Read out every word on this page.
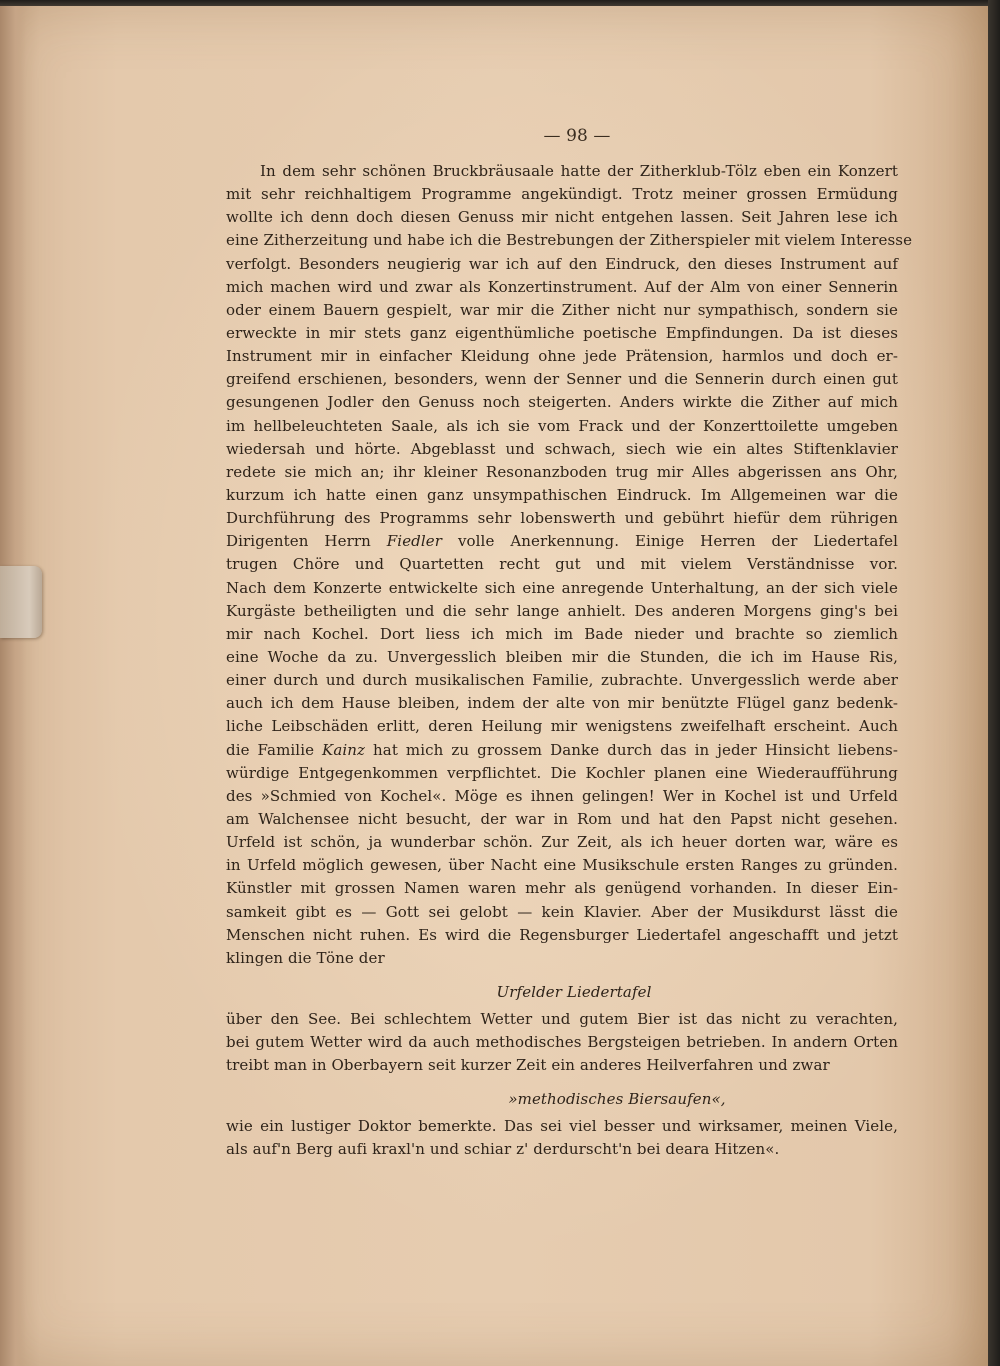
— 98 —
In dem sehr schönen Bruckbräusaale hatte der Zitherklub-Tölz eben ein Konzert
mit sehr reichhaltigem Programme angekündigt. Trotz meiner grossen Ermüdung
wollte ich denn doch diesen Genuss mir nicht entgehen lassen. Seit Jahren lese ich
eine Zitherzeitung und habe ich die Bestrebungen der Zitherspieler mit vielem Interesse
verfolgt. Besonders neugierig war ich auf den Eindruck, den dieses Instrument auf
mich machen wird und zwar als Konzertinstrument. Auf der Alm von einer Sennerin
oder einem Bauern gespielt, war mir die Zither nicht nur sympathisch, sondern sie
erweckte in mir stets ganz eigenthümliche poetische Empfindungen. Da ist dieses
Instrument mir in einfacher Kleidung ohne jede Prätension, harmlos und doch er-
greifend erschienen, besonders, wenn der Senner und die Sennerin durch einen gut
gesungenen Jodler den Genuss noch steigerten. Anders wirkte die Zither auf mich
im hellbeleuchteten Saale, als ich sie vom Frack und der Konzerttoilette umgeben
wiedersah und hörte. Abgeblasst und schwach, siech wie ein altes Stiftenklavier
redete sie mich an; ihr kleiner Resonanzboden trug mir Alles abgerissen ans Ohr,
kurzum ich hatte einen ganz unsympathischen Eindruck. Im Allgemeinen war die
Durchführung des Programms sehr lobenswerth und gebührt hiefür dem rührigen
Dirigenten Herrn Fiedler volle Anerkennung. Einige Herren der Liedertafel
trugen Chöre und Quartetten recht gut und mit vielem Verständnisse vor.
Nach dem Konzerte entwickelte sich eine anregende Unterhaltung, an der sich viele
Kurgäste betheiligten und die sehr lange anhielt. Des anderen Morgens ging's bei
mir nach Kochel. Dort liess ich mich im Bade nieder und brachte so ziemlich
eine Woche da zu. Unvergesslich bleiben mir die Stunden, die ich im Hause Ris,
einer durch und durch musikalischen Familie, zubrachte. Unvergesslich werde aber
auch ich dem Hause bleiben, indem der alte von mir benützte Flügel ganz bedenk-
liche Leibschäden erlitt, deren Heilung mir wenigstens zweifelhaft erscheint. Auch
die Familie Kainz hat mich zu grossem Danke durch das in jeder Hinsicht liebens-
würdige Entgegenkommen verpflichtet. Die Kochler planen eine Wiederaufführung
des »Schmied von Kochel«. Möge es ihnen gelingen! Wer in Kochel ist und Urfeld
am Walchensee nicht besucht, der war in Rom und hat den Papst nicht gesehen.
Urfeld ist schön, ja wunderbar schön. Zur Zeit, als ich heuer dorten war, wäre es
in Urfeld möglich gewesen, über Nacht eine Musikschule ersten Ranges zu gründen.
Künstler mit grossen Namen waren mehr als genügend vorhanden. In dieser Ein-
samkeit gibt es — Gott sei gelobt — kein Klavier. Aber der Musikdurst lässt die
Menschen nicht ruhen. Es wird die Regensburger Liedertafel angeschafft und jetzt
klingen die Töne der
Urfelder Liedertafel
über den See. Bei schlechtem Wetter und gutem Bier ist das nicht zu verachten,
bei gutem Wetter wird da auch methodisches Bergsteigen betrieben. In andern Orten
treibt man in Oberbayern seit kurzer Zeit ein anderes Heilverfahren und zwar
»methodisches Biersaufen«,
wie ein lustiger Doktor bemerkte. Das sei viel besser und wirksamer, meinen Viele,
als auf'n Berg aufi kraxl'n und schiar z' derdurscht'n bei deara Hitzen«.
